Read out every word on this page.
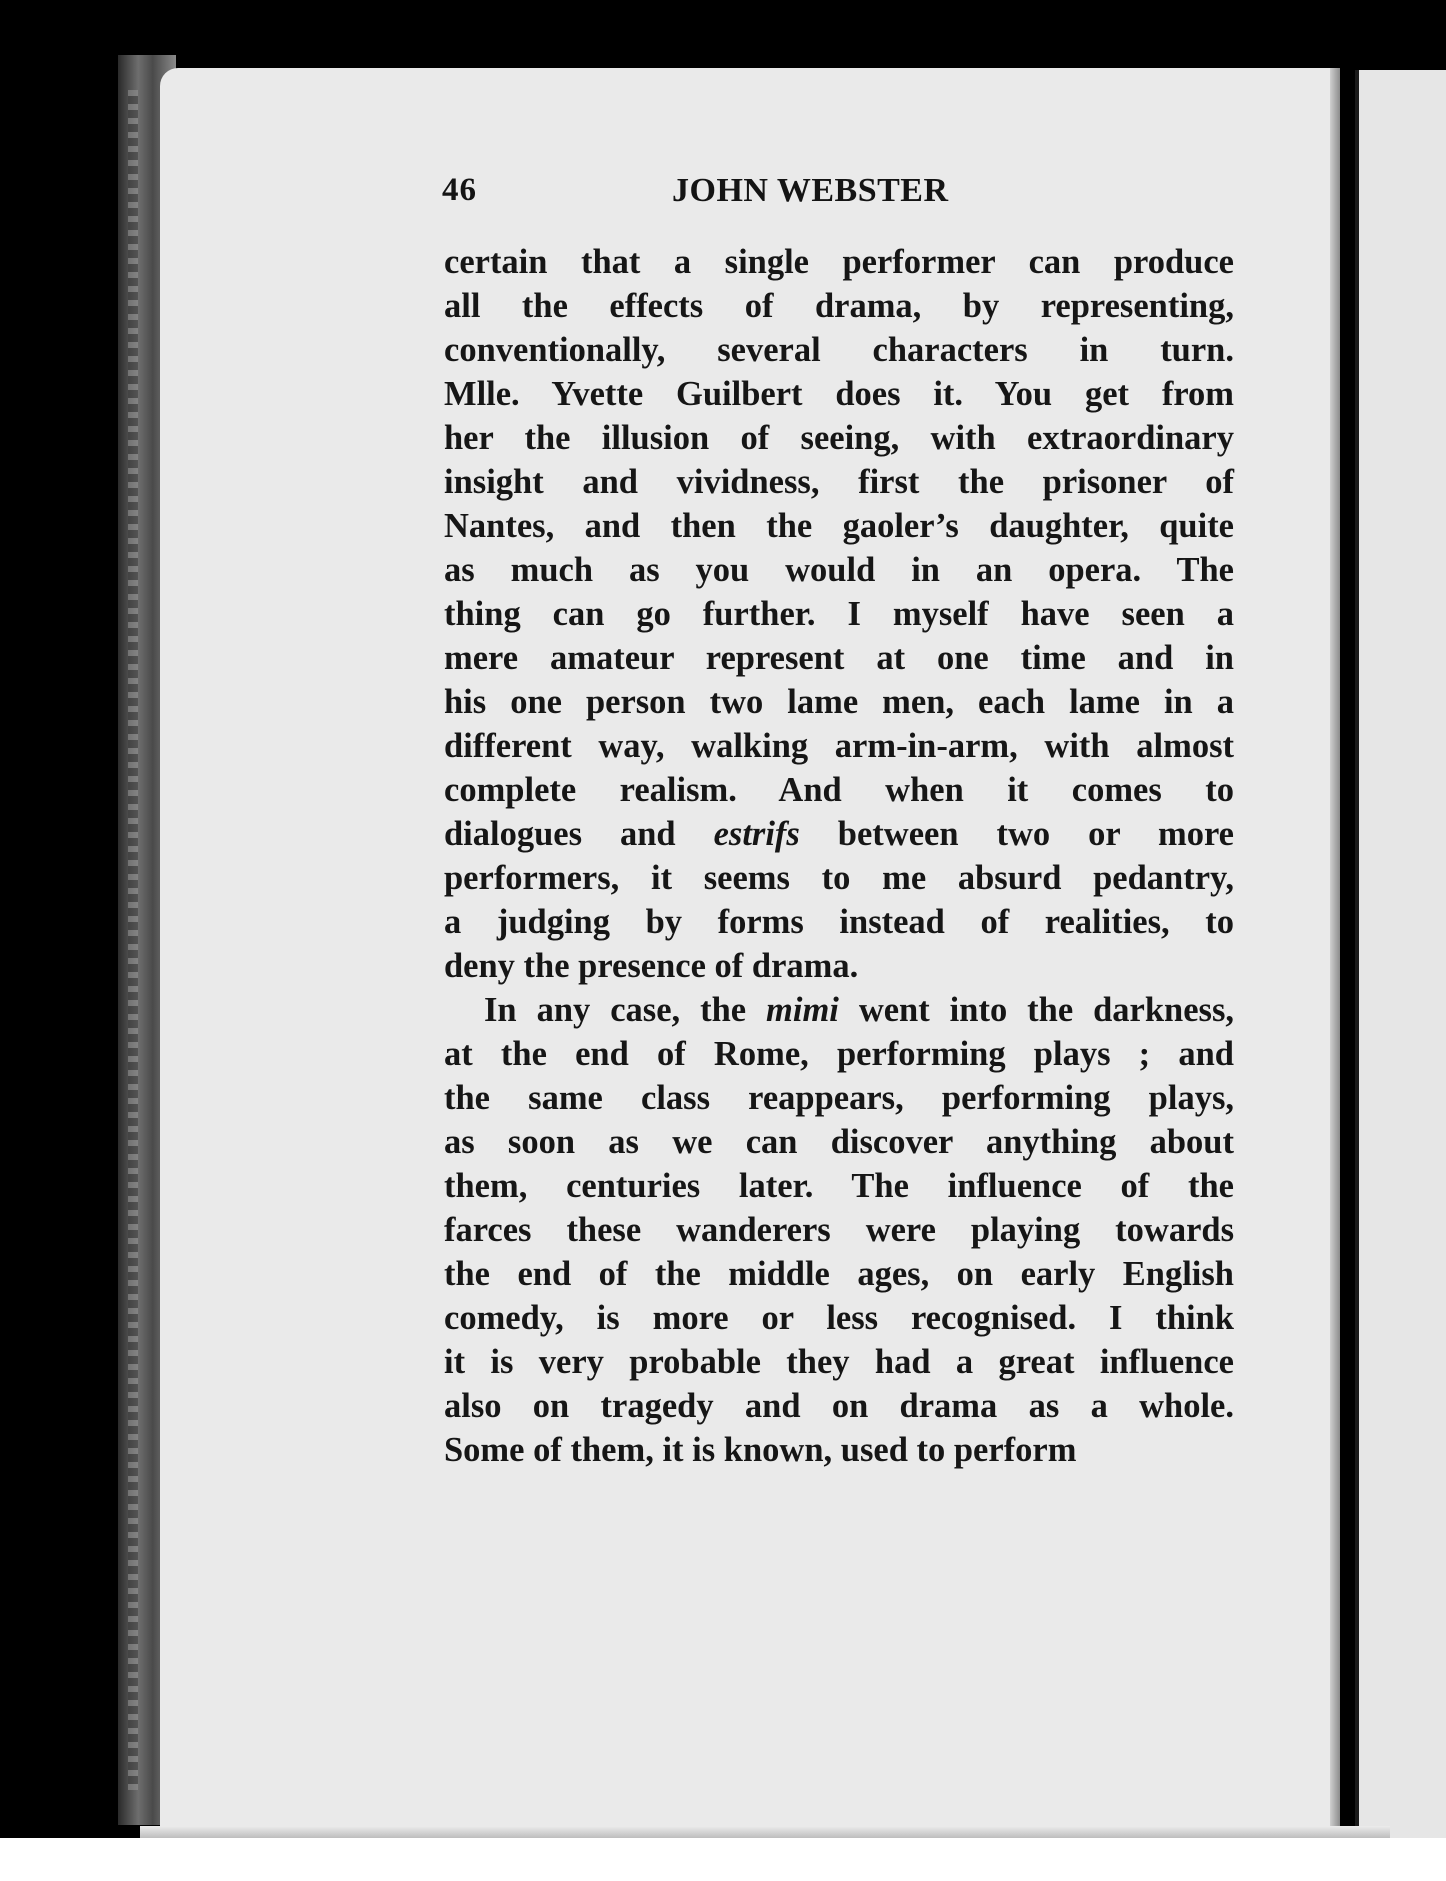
46	JOHN WEBSTER
certain that a single performer can produce
all the effects of drama, by representing,
conventionally, several characters in turn.
Mlle. Yvette Guilbert does it. You get from
her the illusion of seeing, with extraordinary
insight and vividness, first the prisoner of
Nantes, and then the gaoler’s daughter, quite
as much as you would in an opera. The
thing can go further. I myself have seen a
mere amateur represent at one time and in
his one person two lame men, each lame in a
different way, walking arm-in-arm, with almost
complete realism. And when it comes to
dialogues and estrifs between two or more
performers, it seems to me absurd pedantry,
a judging by forms instead of realities, to
deny the presence of drama.
In any case, the mimi went into the darkness,
at the end of Rome, performing plays ; and
the same class reappears, performing plays,
as soon as we can discover anything about
them, centuries later. The influence of the
farces these wanderers were playing towards
the end of the middle ages, on early English
comedy, is more or less recognised. I think
it is very probable they had a great influence
also on tragedy and on drama as a whole.
Some of them, it is known, used to perform
